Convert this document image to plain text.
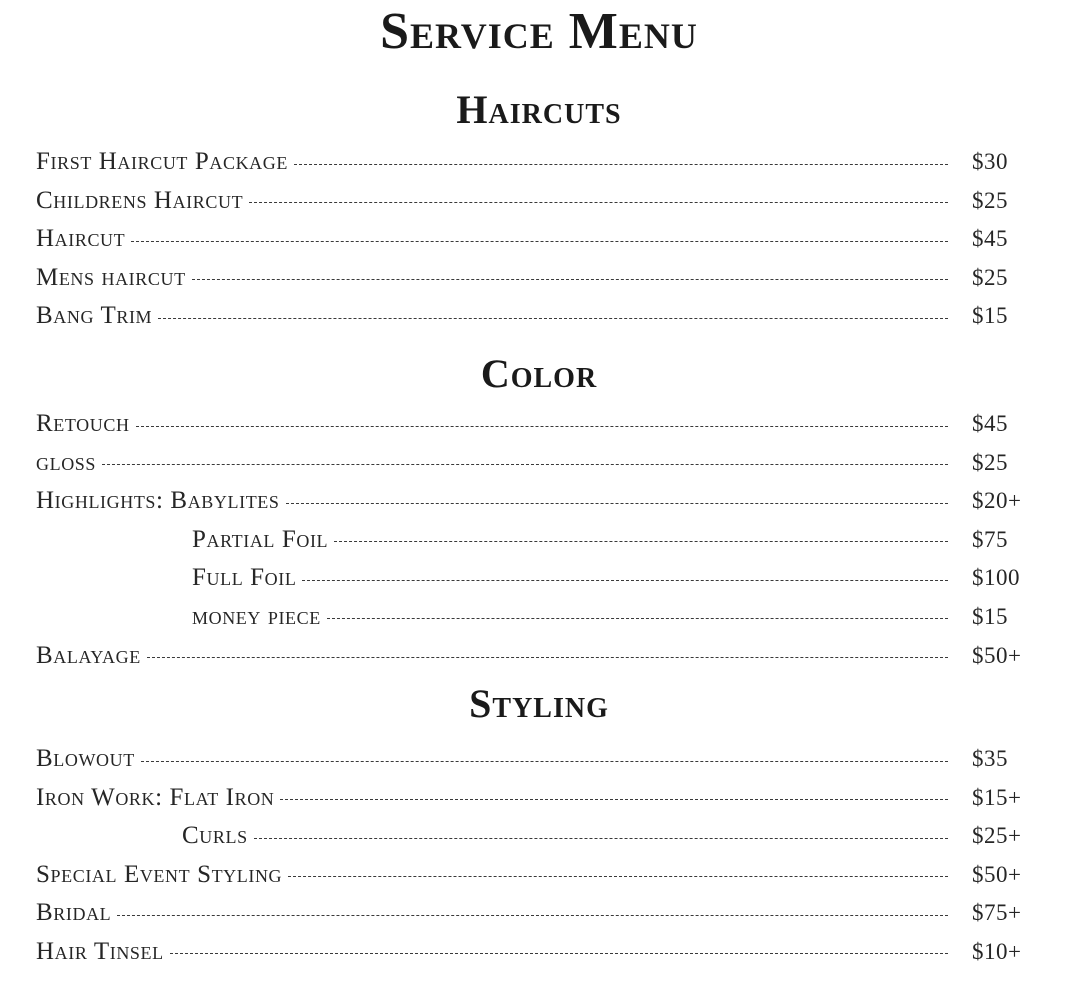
Service Menu
Haircuts
First Haircut Package	$30
Childrens Haircut	$25
Haircut	$45
Mens haircut	$25
Bang Trim	$15
Color
Retouch	$45
gloss	$25
Highlights: Babylites	$20+
Partial Foil	$75
Full Foil	$100
money piece	$15
Balayage	$50+
Styling
Blowout	$35
Iron Work: Flat Iron	$15+
Curls	$25+
Special Event Styling	$50+
Bridal	$75+
Hair Tinsel	$10+
